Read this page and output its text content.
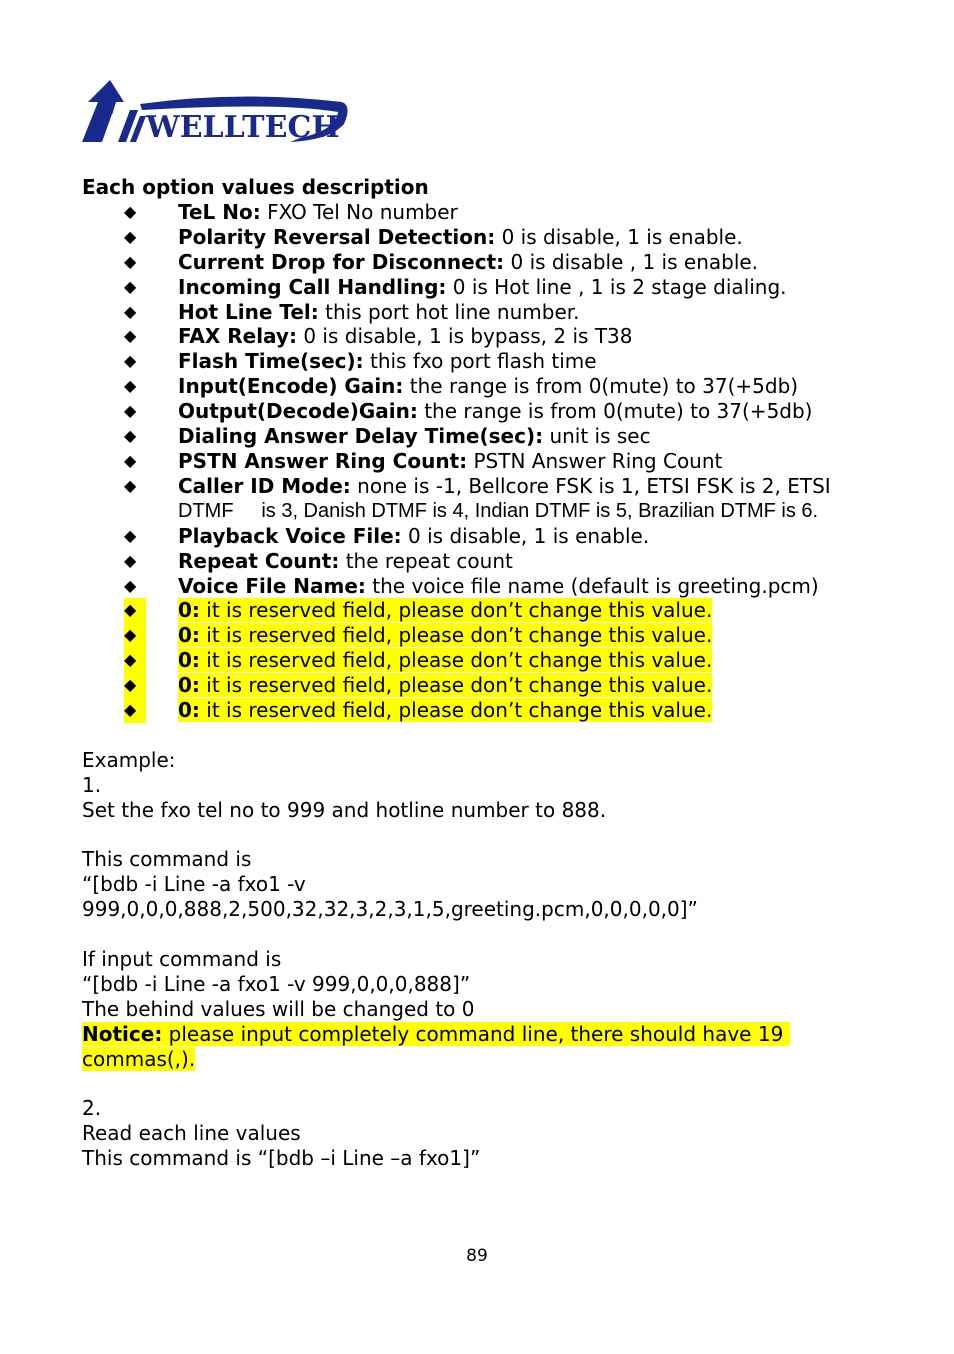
WELLTECH
Each option values description
◆	TeL No: FXO Tel No number
◆	Polarity Reversal Detection: 0 is disable, 1 is enable.
◆	Current Drop for Disconnect: 0 is disable , 1 is enable.
◆	Incoming Call Handling: 0 is Hot line , 1 is 2 stage dialing.
◆	Hot Line Tel: this port hot line number.
◆	FAX Relay: 0 is disable, 1 is bypass, 2 is T38
◆	Flash Time(sec): this fxo port flash time
◆	Input(Encode) Gain: the range is from 0(mute) to 37(+5db)
◆	Output(Decode)Gain: the range is from 0(mute) to 37(+5db)
◆	Dialing Answer Delay Time(sec): unit is sec
◆	PSTN Answer Ring Count: PSTN Answer Ring Count
◆	Caller ID Mode: none is -1, Bellcore FSK is 1, ETSI FSK is 2, ETSI
DTMF     is 3, Danish DTMF is 4, Indian DTMF is 5, Brazilian DTMF is 6.
◆	Playback Voice File: 0 is disable, 1 is enable.
◆	Repeat Count: the repeat count
◆	Voice File Name: the voice file name (default is greeting.pcm)
◆	0: it is reserved field, please don’t change this value.
◆	0: it is reserved field, please don’t change this value.
◆	0: it is reserved field, please don’t change this value.
◆	0: it is reserved field, please don’t change this value.
◆	0: it is reserved field, please don’t change this value.
Example:
1.
Set the fxo tel no to 999 and hotline number to 888.
This command is
“[bdb -i Line -a fxo1 -v
999,0,0,0,888,2,500,32,32,3,2,3,1,5,greeting.pcm,0,0,0,0,0]”
If input command is
“[bdb -i Line -a fxo1 -v 999,0,0,0,888]”
The behind values will be changed to 0
Notice: please input completely command line, there should have 19
commas(,).
2.
Read each line values
This command is “[bdb –i Line –a fxo1]”
89
